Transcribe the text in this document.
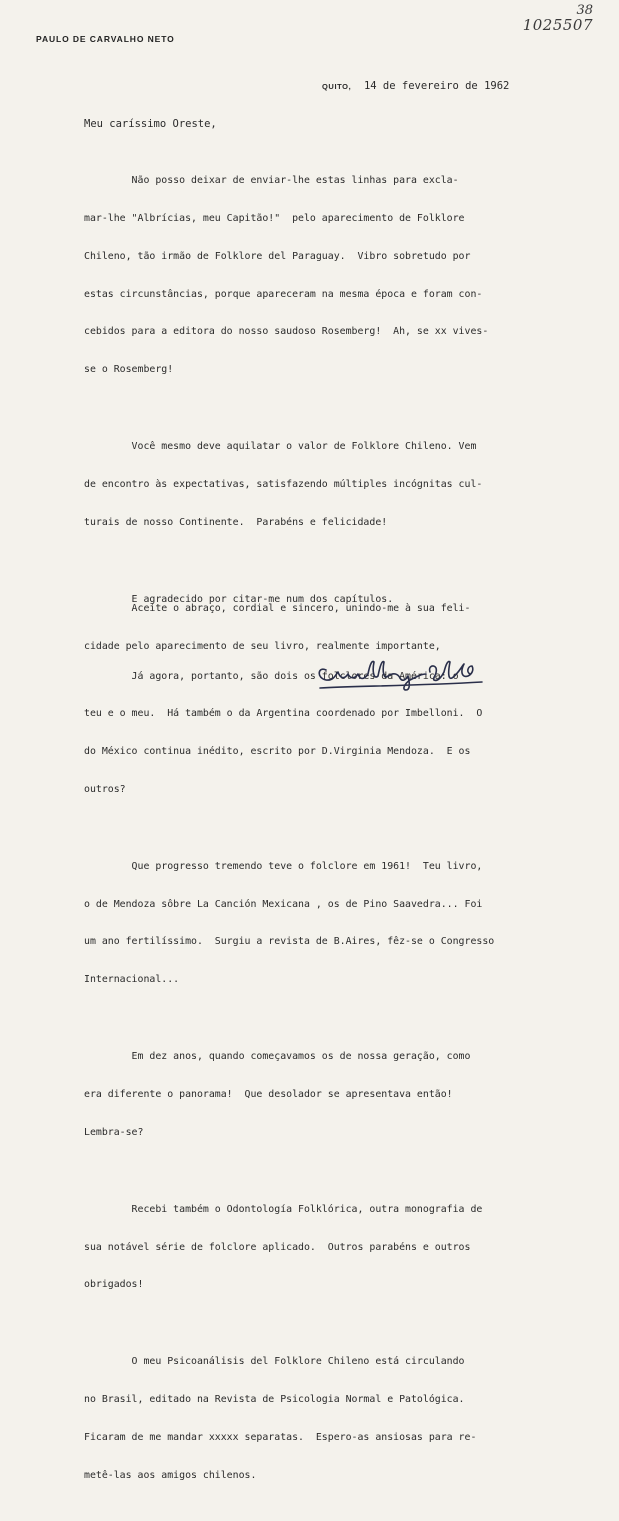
38
1025507
PAULO DE CARVALHO NETO
QUITO, 14 de fevereiro de 1962
Meu caríssimo Oreste,

Não posso deixar de enviar-lhe estas linhas para excla-

mar-lhe "Albrícias, meu Capitão!"  pelo aparecimento de Folklore

Chileno, tão irmão de Folklore del Paraguay.  Vibro sobretudo por

estas circunstâncias, porque apareceram na mesma época e foram con-

cebidos para a editora do nosso saudoso Rosemberg!  Ah, se xx vives-

se o Rosemberg!

Você mesmo deve aquilatar o valor de Folklore Chileno. Vem

de encontro às expectativas, satisfazendo múltiples incógnitas cul-

turais de nosso Continente.  Parabéns e felicidade!

E agradecido por citar-me num dos capítulos.

Já agora, portanto, são dois os folclores da América: o

teu e o meu.  Há também o da Argentina coordenado por Imbelloni.  O

do México continua inédito, escrito por D.Virginia Mendoza.  E os

outros?

Que progresso tremendo teve o folclore em 1961!  Teu livro,

o de Mendoza sôbre La Canción Mexicana , os de Pino Saavedra... Foi

um ano fertilíssimo.  Surgiu a revista de B.Aires, fêz-se o Congresso

Internacional...

Em dez anos, quando começavamos os de nossa geração, como

era diferente o panorama!  Que desolador se apresentava então!

Lembra-se?

Recebi também o Odontología Folklórica, outra monografia de

sua notável série de folclore aplicado.  Outros parabéns e outros

obrigados!

O meu Psicoanálisis del Folklore Chileno está circulando

no Brasil, editado na Revista de Psicologia Normal e Patológica.

Ficaram de me mandar xxxxx separatas.  Espero-as ansiosas para re-

metê-las aos amigos chilenos.

Aceite o abraço, cordial e sincero, unindo-me à sua feli-

cidade pelo aparecimento de seu livro, realmente importante,
